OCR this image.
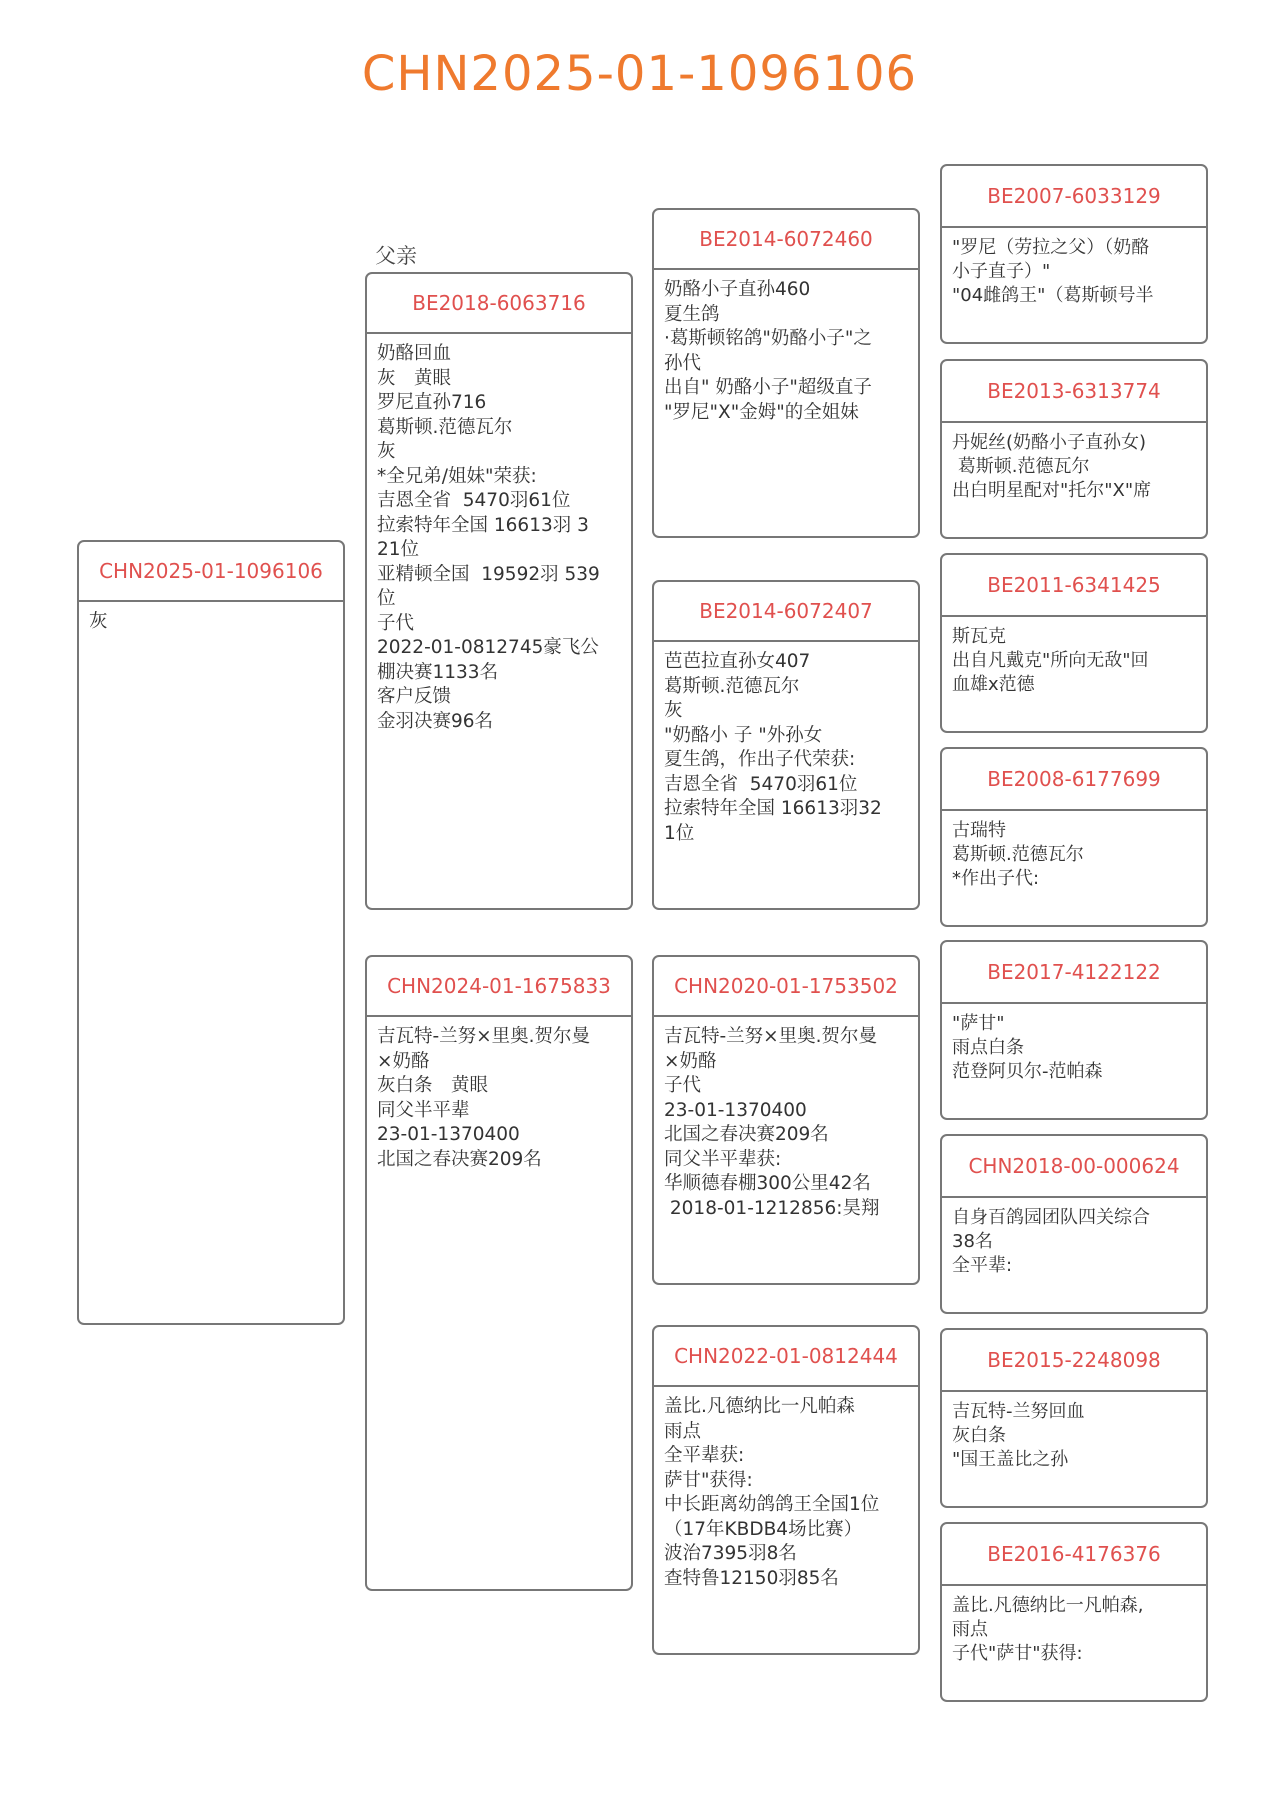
CHN2025-01-1096106
CHN2025-01-1096106
灰
父亲
BE2018-6063716
奶酪回血
灰　黄眼
罗尼直孙716
葛斯顿.范德瓦尔
灰
*全兄弟/姐妹"荣获:
吉恩全省  5470羽61位
拉索特年全国 16613羽 3
21位
亚精顿全国  19592羽 539
位
子代
2022-01-0812745豪飞公
棚决赛1133名
客户反馈
金羽决赛96名
CHN2024-01-1675833
吉瓦特-兰努×里奥.贺尔曼
×奶酪
灰白条　黄眼
同父半平辈
23-01-1370400
北国之春决赛209名
BE2014-6072460
奶酪小子直孙460
夏生鸽
·葛斯顿铭鸽"奶酪小子"之
孙代
出自" 奶酪小子"超级直子
"罗尼"X"金姆"的全姐妹
BE2014-6072407
芭芭拉直孙女407
葛斯顿.范德瓦尔
灰
"奶酪小 子 "外孙女
夏生鸽，作出子代荣获:
吉恩全省  5470羽61位
拉索特年全国 16613羽32
1位
CHN2020-01-1753502
吉瓦特-兰努×里奥.贺尔曼
×奶酪
子代
23-01-1370400
北国之春决赛209名
同父半平辈获:
华顺德春棚300公里42名
2018-01-1212856:昊翔
CHN2022-01-0812444
盖比.凡德纳比一凡帕森
雨点
全平辈获:
萨甘"获得:
中长距离幼鸽鸽王全国1位
（17年KBDB4场比赛）
波治7395羽8名
查特鲁12150羽85名
BE2007-6033129
"罗尼（劳拉之父）（奶酪
小子直子）"
"04雌鸽王"（葛斯顿号半
BE2013-6313774
丹妮丝(奶酪小子直孙女)
葛斯顿.范德瓦尔
出白明星配对"托尔"X"席
BE2011-6341425
斯瓦克
出自凡戴克"所向无敌"回
血雄x范德
BE2008-6177699
古瑞特
葛斯顿.范德瓦尔
*作出子代:
BE2017-4122122
"萨甘"
雨点白条
范登阿贝尔-范帕森
CHN2018-00-000624
自身百鸽园团队四关综合
38名
全平辈:
BE2015-2248098
吉瓦特-兰努回血
灰白条
"国王盖比之孙
BE2016-4176376
盖比.凡德纳比一凡帕森,
雨点
子代"萨甘"获得:
